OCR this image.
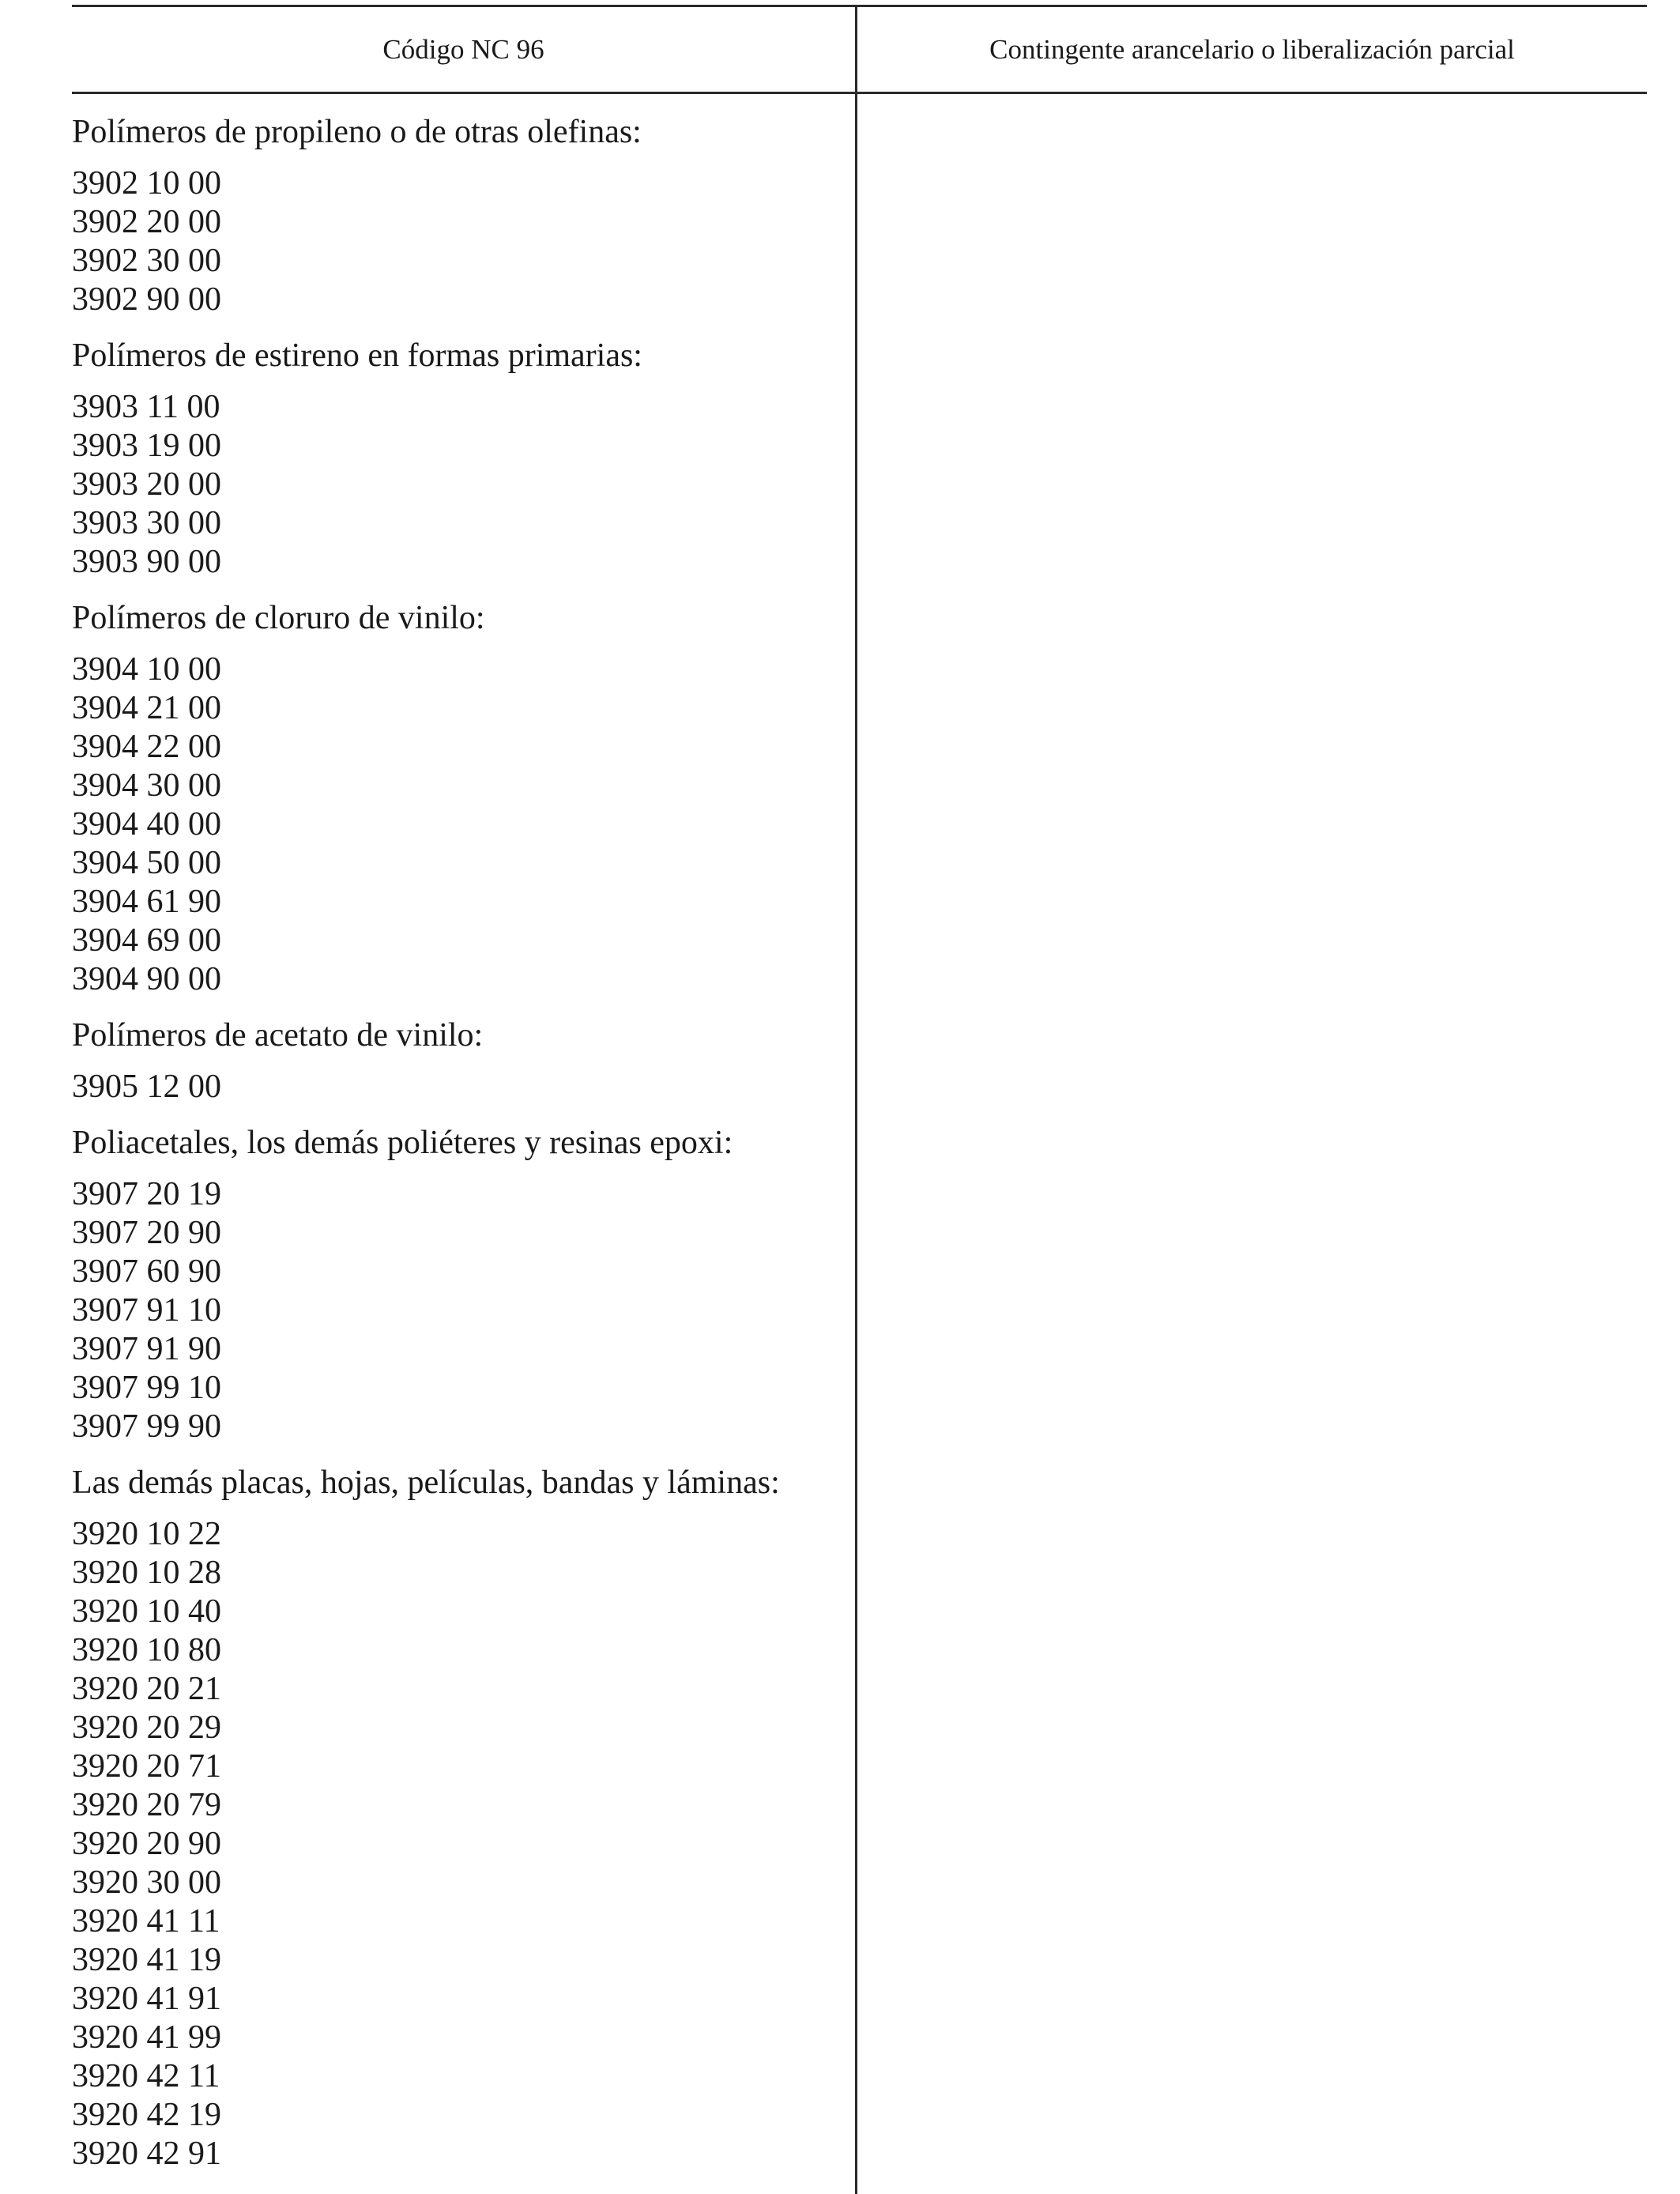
Código NC 96	Contingente arancelario o liberalización parcial
Polímeros de propileno o de otras olefinas:
3902 10 00
3902 20 00
3902 30 00
3902 90 00
Polímeros de estireno en formas primarias:
3903 11 00
3903 19 00
3903 20 00
3903 30 00
3903 90 00
Polímeros de cloruro de vinilo:
3904 10 00
3904 21 00
3904 22 00
3904 30 00
3904 40 00
3904 50 00
3904 61 90
3904 69 00
3904 90 00
Polímeros de acetato de vinilo:
3905 12 00
Poliacetales, los demás poliéteres y resinas epoxi:
3907 20 19
3907 20 90
3907 60 90
3907 91 10
3907 91 90
3907 99 10
3907 99 90
Las demás placas, hojas, películas, bandas y láminas:
3920 10 22
3920 10 28
3920 10 40
3920 10 80
3920 20 21
3920 20 29
3920 20 71
3920 20 79
3920 20 90
3920 30 00
3920 41 11
3920 41 19
3920 41 91
3920 41 99
3920 42 11
3920 42 19
3920 42 91
